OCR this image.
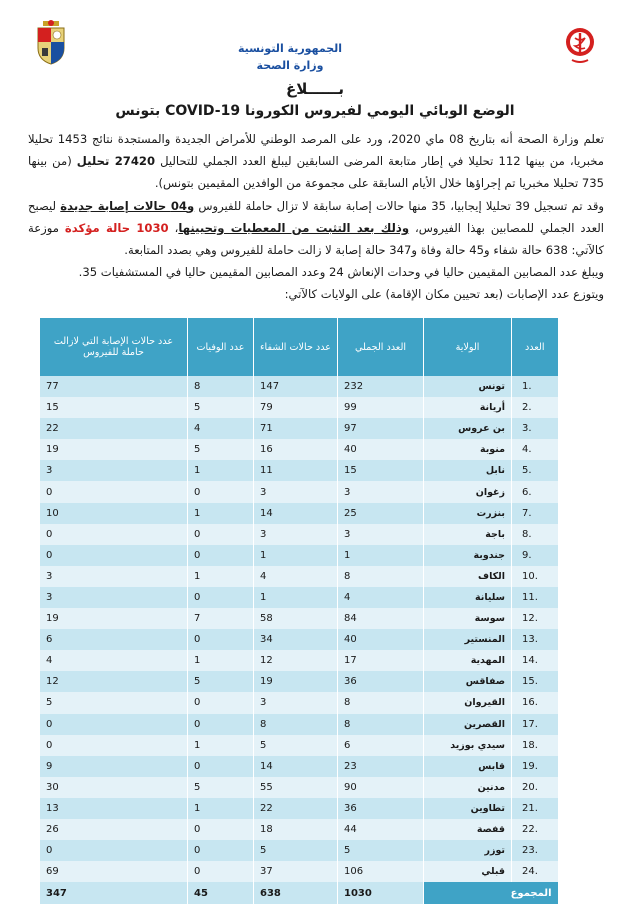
الجمهورية التونسية
وزارة الصحة
بــــــلاغ
الوضع الوبائي اليومي لفيروس الكورونا COVID-19 بتونس

تعلم وزارة الصحة أنه بتاريخ 08 ماي 2020، ورد على المرصد الوطني للأمراض الجديدة والمستجدة نتائج 1453 تحليلا مخبريا، من بينها 112 تحليلا في إطار متابعة المرضى السابقين ليبلغ العدد الجملي للتحاليل 27420 تحليل (من بينها 735 تحليلا مخبريا تم إجراؤها خلال الأيام السابقة على مجموعة من الوافدين المقيمين بتونس).

وقد تم تسجيل 39 تحليلا إيجابيا، 35 منها حالات إصابة سابقة لا تزال حاملة للفيروس و04 حالات إصابة جديدة ليصبح العدد الجملي للمصابين بهذا الفيروس، وذلك بعد التثبت من المعطيات وتحيينها، 1030 حالة مؤكدة موزعة كالآتي: 638 حالة شفاء و45 حالة وفاة و347 حالة إصابة لا زالت حاملة للفيروس وهي بصدد المتابعة.

ويبلغ عدد المصابين المقيمين حاليا في وحدات الإنعاش 24 وعدد المصابين المقيمين حاليا في المستشفيات 35.

ويتوزع عدد الإصابات (بعد تحيين مكان الإقامة) على الولايات كالآتي:

العدد	الولاية	العدد الجملي	عدد حالات الشفاء	عدد الوفيات	عدد حالات الإصابة التي لازالت حاملة للفيروس
1.	تونس	232	147	8	77
2.	أريانة	99	79	5	15
3.	بن عروس	97	71	4	22
4.	منوبة	40	16	5	19
5.	نابل	15	11	1	3
6.	زغوان	3	3	0	0
7.	بنزرت	25	14	1	10
8.	باجة	3	3	0	0
9.	جندوبة	1	1	0	0
10.	الكاف	8	4	1	3
11.	سليانة	4	1	0	3
12.	سوسة	84	58	7	19
13.	المنستير	40	34	0	6
14.	المهدية	17	12	1	4
15.	صفاقس	36	19	5	12
16.	القيروان	8	3	0	5
17.	القصرين	8	8	0	0
18.	سيدي بوزيد	6	5	1	0
19.	قابس	23	14	0	9
20.	مدنين	90	55	5	30
21.	تطاوين	36	22	1	13
22.	قفصة	44	18	0	26
23.	توزر	5	5	0	0
24.	قبلي	106	37	0	69
المجموع		1030	638	45	347
